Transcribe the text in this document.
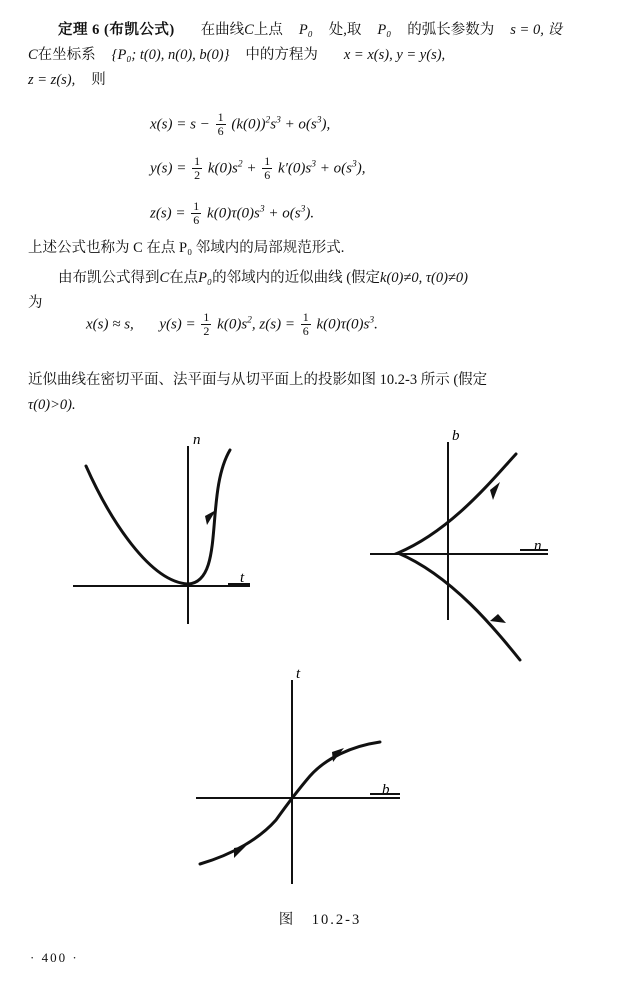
定理 6 (布凯公式) 在曲线C上点 P₀ 处,取 P₀ 的弧长参数为 s = 0, 设
C在坐标系 {P₀; t(0), n(0), b(0)} 中的方程为 x = x(s), y = y(s),
z = z(s), 则
$x(s) = s - \frac{1}{6} (k(0))^2s^3 + o(s^3)$,
$y(s) = \frac{1}{2} k(0)s^2 + \frac{1}{6} k'(0)s^3 + o(s^3)$,
$z(s) = \frac{1}{6} k(0)\tau(0)s^3 + o(s^3)$.
上述公式也称为 C 在点 P₀ 邻域内的局部规范形式.
由布凯公式得到C在点P₀的邻域内的近似曲线 (假定k(0)≠0, τ(0)≠0)
为
x(s) ≈ s, $y(s) = \frac{1}{2} k(0)s^2$, $z(s) = \frac{1}{6} k(0)\tau(0)s^3$.
近似曲线在密切平面、法平面与从切平面上的投影如图 10.2-3 所示 (假定
τ(0)>0).
n
t
b
n
t
b
图　10.2-3
· 400 ·
